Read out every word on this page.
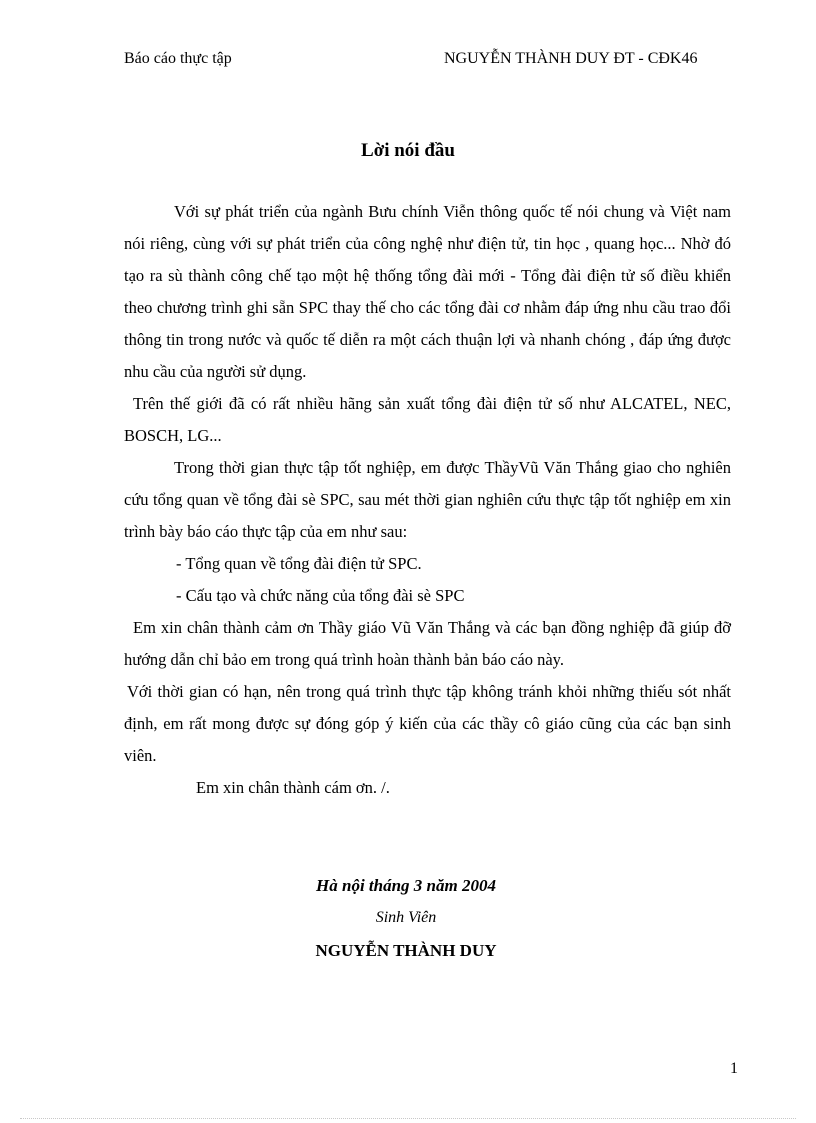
Báo cáo thực tập	NGUYỄN THÀNH DUY ĐT - CĐK46
Lời nói đầu

Với sự phát triển của ngành Bưu chính Viễn thông quốc tế nói chung và Việt nam nói riêng, cùng với sự phát triển của công nghệ như điện tử, tin học , quang học... Nhờ đó tạo ra sù thành công chế tạo một hệ thống tổng đài mới - Tổng đài điện tử số điều khiển theo chương trình ghi sẵn SPC thay thế cho các tổng đài cơ nhằm đáp ứng nhu cầu trao đổi thông tin trong nước và quốc tế diễn ra một cách thuận lợi và nhanh chóng , đáp ứng được nhu cầu của người sử dụng.

Trên thế giới đã có rất nhiều hãng sản xuất tổng đài điện tử số như ALCATEL, NEC, BOSCH, LG...

Trong thời gian thực tập tốt nghiệp, em được ThầyVũ Văn Thắng giao cho nghiên cứu tổng quan về tổng đài sè SPC, sau mét thời gian nghiên cứu thực tập tốt nghiệp em xin trình bày báo cáo thực tập của em như sau:

- Tổng quan về tổng đài điện tử SPC.

- Cấu tạo và chức năng của tổng đài sè SPC

Em xin chân thành cảm ơn Thầy giáo Vũ Văn Thắng và các bạn đồng nghiệp đã giúp đỡ hướng dẫn chỉ bảo em trong quá trình hoàn thành bản báo cáo này.

Với thời gian có hạn, nên trong quá trình thực tập không tránh khỏi những thiếu sót nhất định, em rất mong được sự đóng góp ý kiến của các thầy cô giáo cũng của các bạn sinh viên.

Em xin chân thành cám ơn. /.

Hà nội tháng 3 năm 2004
Sinh Viên
NGUYỄN THÀNH DUY
1
